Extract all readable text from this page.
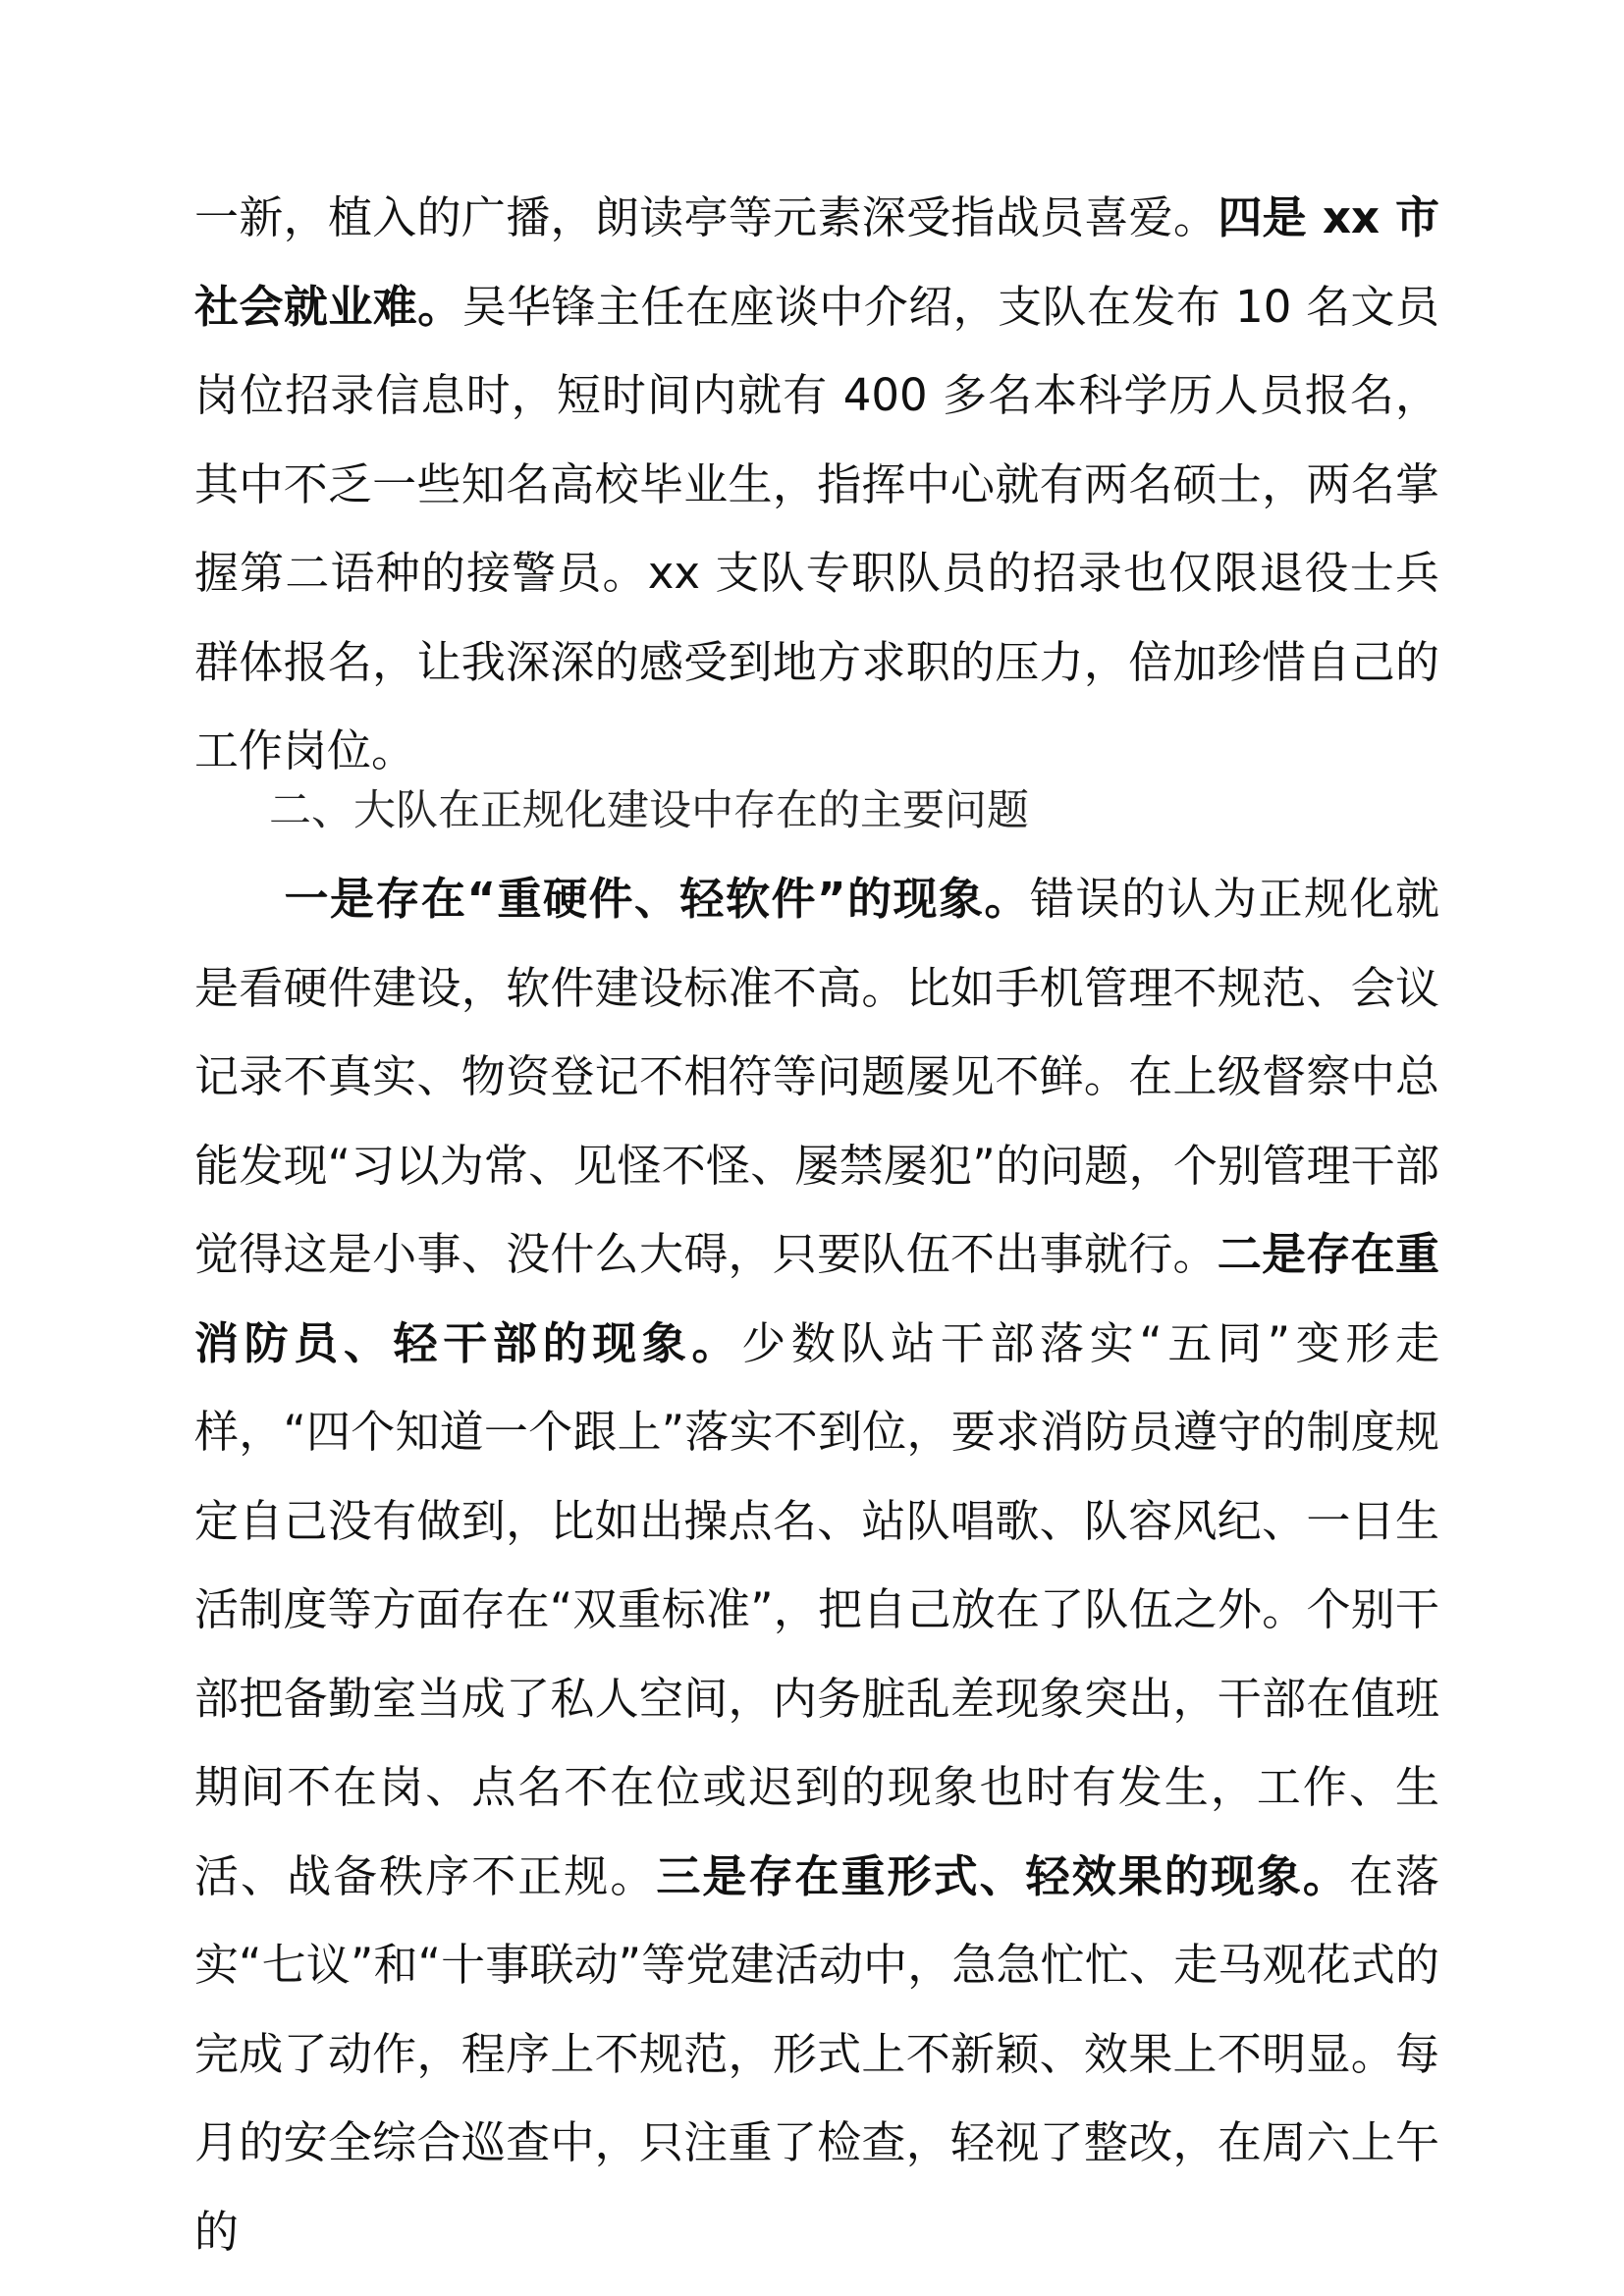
一新，植入的广播，朗读亭等元素深受指战员喜爱。四是 xx 市社会就业难。吴华锋主任在座谈中介绍，支队在发布 10 名文员岗位招录信息时，短时间内就有 400 多名本科学历人员报名，其中不乏一些知名高校毕业生，指挥中心就有两名硕士，两名掌握第二语种的接警员。xx 支队专职队员的招录也仅限退役士兵群体报名，让我深深的感受到地方求职的压力，倍加珍惜自己的工作岗位。
二、大队在正规化建设中存在的主要问题
一是存在“重硬件、轻软件”的现象。错误的认为正规化就是看硬件建设，软件建设标准不高。比如手机管理不规范、会议记录不真实、物资登记不相符等问题屡见不鲜。在上级督察中总能发现“习以为常、见怪不怪、屡禁屡犯”的问题，个别管理干部觉得这是小事、没什么大碍，只要队伍不出事就行。二是存在重消防员、轻干部的现象。少数队站干部落实“五同”变形走样，“四个知道一个跟上”落实不到位，要求消防员遵守的制度规定自己没有做到，比如出操点名、站队唱歌、队容风纪、一日生活制度等方面存在“双重标准”，把自己放在了队伍之外。个别干部把备勤室当成了私人空间，内务脏乱差现象突出，干部在值班期间不在岗、点名不在位或迟到的现象也时有发生，工作、生活、战备秩序不正规。三是存在重形式、轻效果的现象。在落实“七议”和“十事联动”等党建活动中，急急忙忙、走马观花式的完成了动作，程序上不规范，形式上不新颖、效果上不明显。每月的安全综合巡查中，只注重了检查，轻视了整改，在周六上午的
